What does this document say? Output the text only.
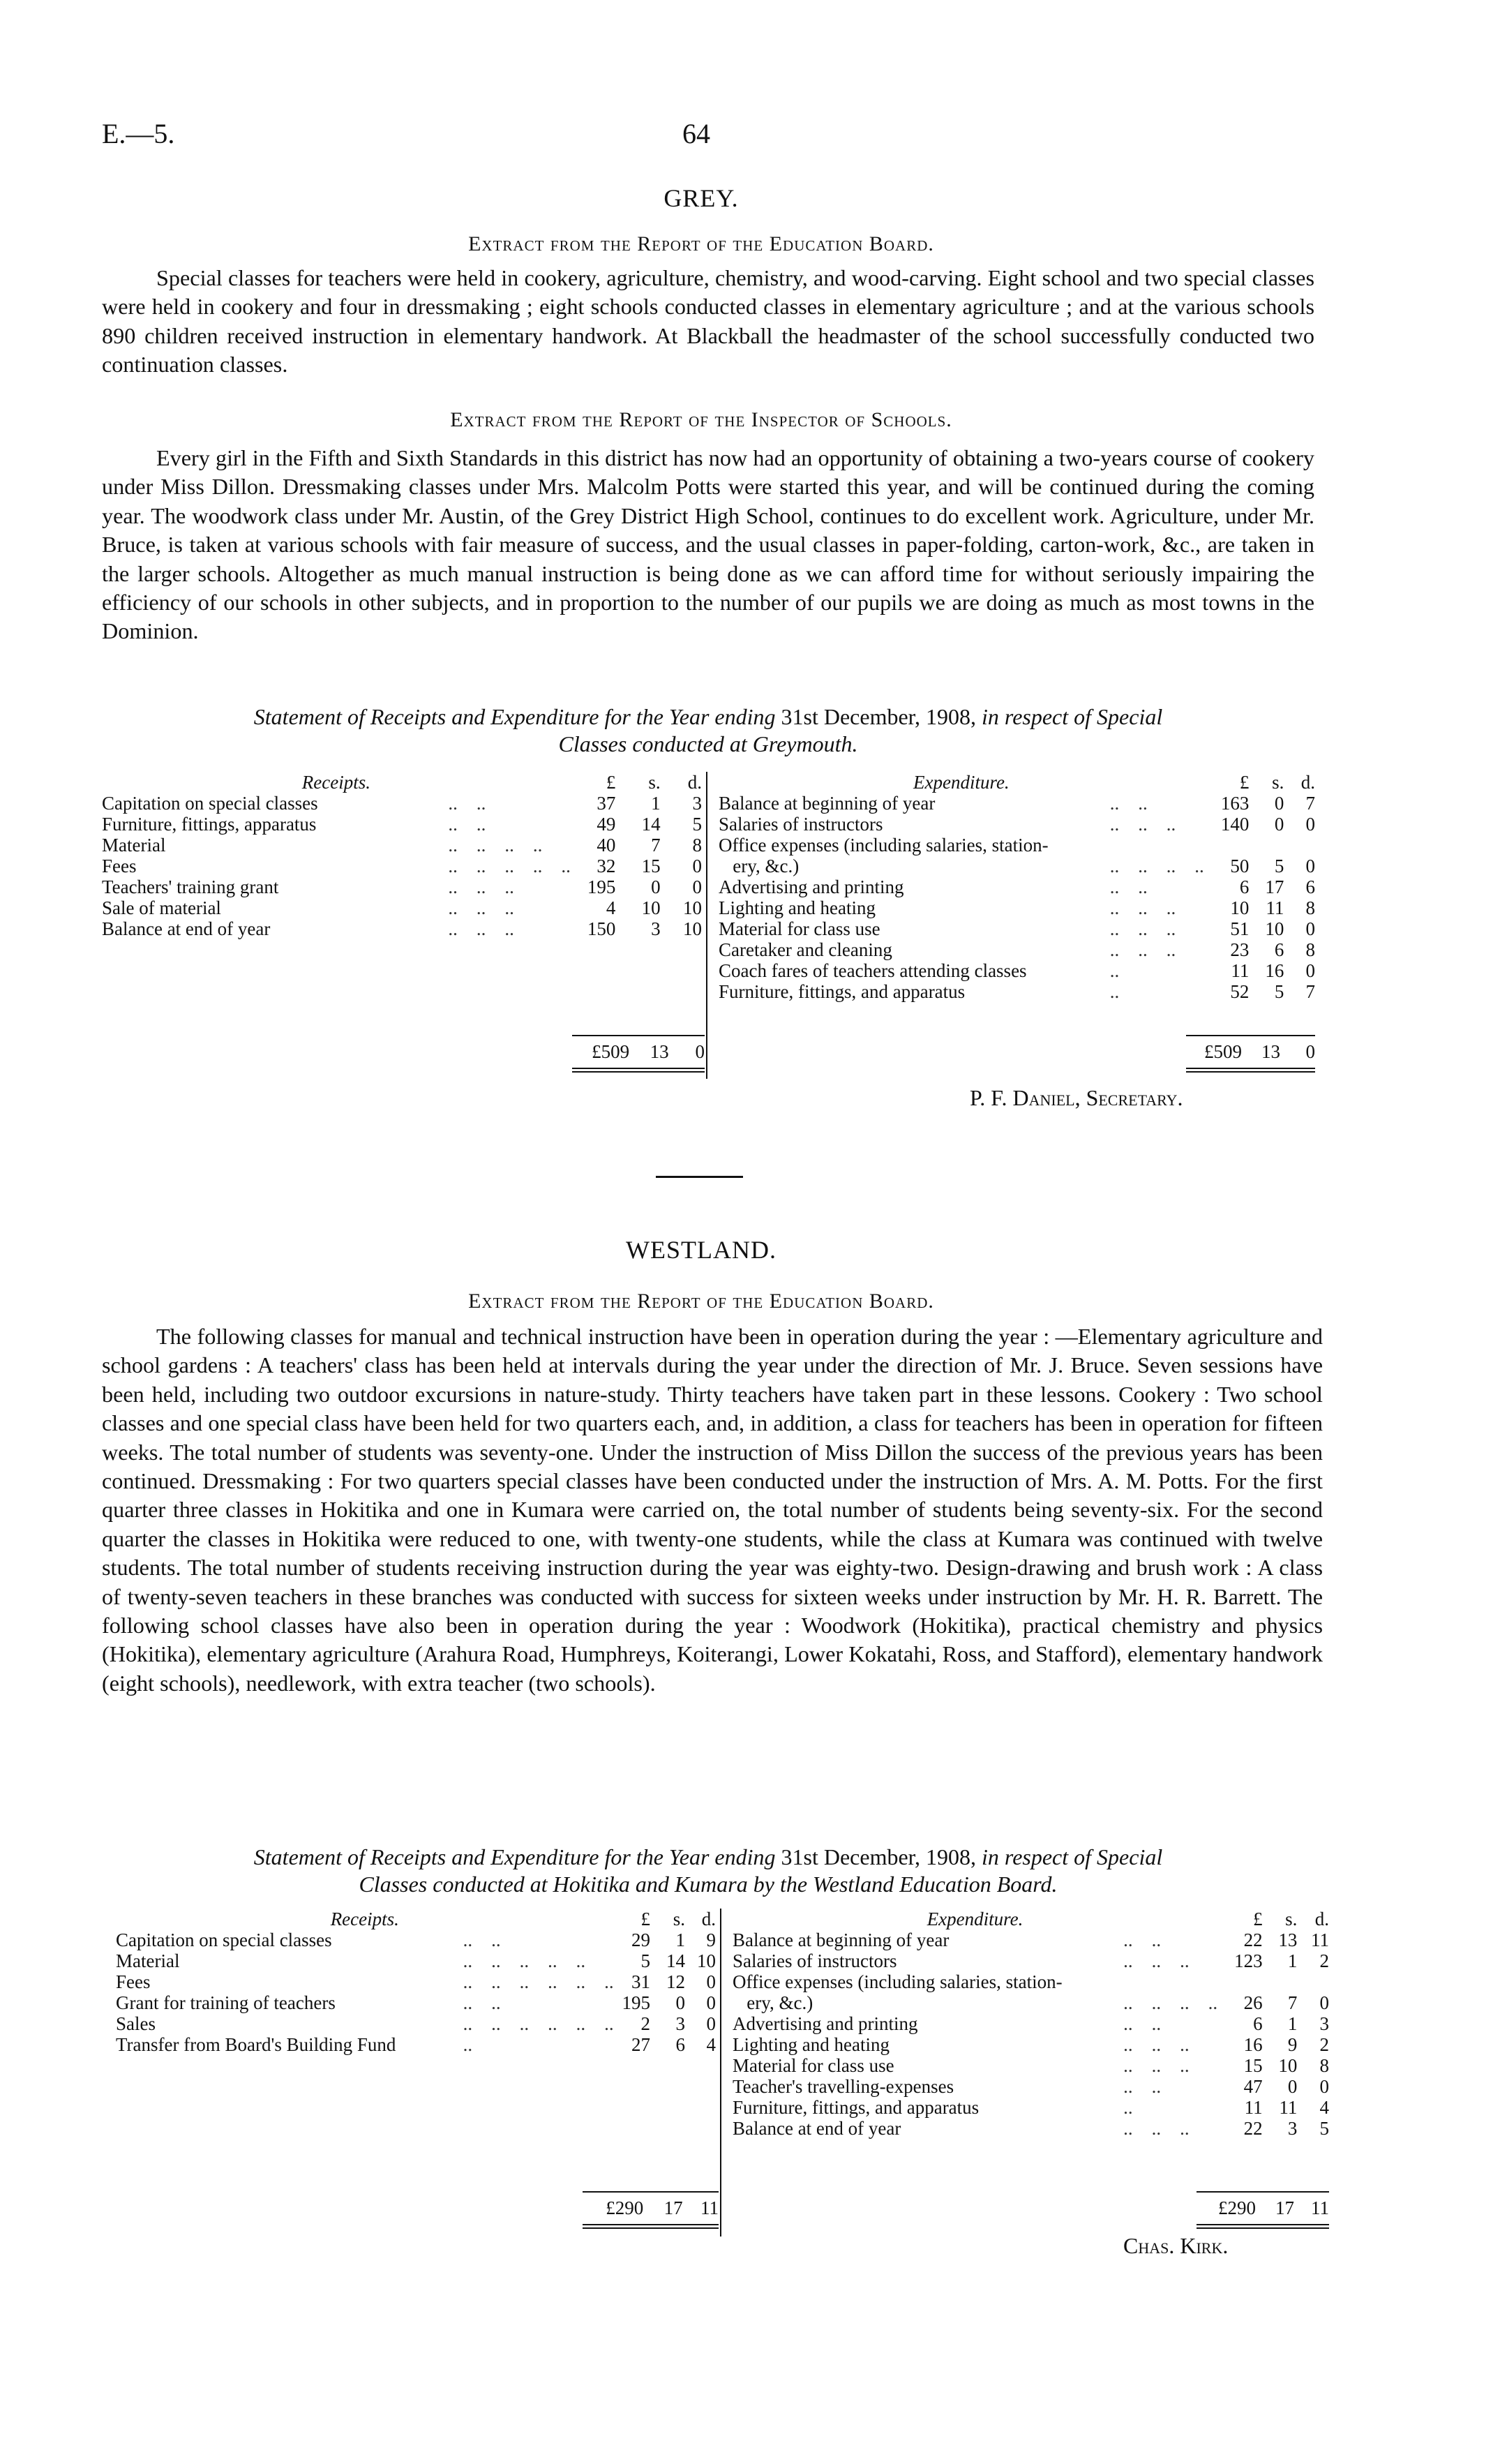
E.—5.	64
GREY.
Extract from the Report of the Education Board.

Special classes for teachers were held in cookery, agriculture, chemistry, and wood-carving. Eight school and two special classes were held in cookery and four in dressmaking ; eight schools conducted classes in elementary agriculture ; and at the various schools 890 children received instruction in elementary handwork. At Blackball the headmaster of the school successfully conducted two continuation classes.

Extract from the Report of the Inspector of Schools.

Every girl in the Fifth and Sixth Standards in this district has now had an opportunity of obtaining a two-years course of cookery under Miss Dillon. Dressmaking classes under Mrs. Malcolm Potts were started this year, and will be continued during the coming year. The woodwork class under Mr. Austin, of the Grey District High School, continues to do excellent work. Agriculture, under Mr. Bruce, is taken at various schools with fair measure of success, and the usual classes in paper-folding, carton-work, &c., are taken in the larger schools. Altogether as much manual instruction is being done as we can afford time for without seriously impairing the efficiency of our schools in other subjects, and in proportion to the number of our pupils we are doing as much as most towns in the Dominion.

Statement of Receipts and Expenditure for the Year ending 31st December, 1908, in respect of Special
Classes conducted at Greymouth.
Receipts.		£	s.	d.
Capitation on special classes	..    ..	37	1	3
Furniture, fittings, apparatus	..    ..	49	14	5
Material	..    ..    ..    ..	40	7	8
Fees	..    ..    ..    ..    ..	32	15	0
Teachers' training grant	..    ..    ..	195	0	0
Sale of material	..    ..    ..	4	10	10
Balance at end of year	..    ..    ..	150	3	10
Expenditure.		£	s.	d.
Balance at beginning of year	..    ..	163	0	7
Salaries of instructors	..    ..    ..	140	0	0
Office expenses (including salaries, station-				
ery, &c.)	..    ..    ..    ..	50	5	0
Advertising and printing	..    ..	6	17	6
Lighting and heating	..    ..    ..	10	11	8
Material for class use	..    ..    ..	51	10	0
Caretaker and cleaning	..    ..    ..	23	6	8
Coach fares of teachers attending classes	..	11	16	0
Furniture, fittings, and apparatus	..	52	5	7
£509	13	0	£509	13	0
P. F. Daniel, Secretary.
WESTLAND.
Extract from the Report of the Education Board.

The following classes for manual and technical instruction have been in operation during the year : —Elementary agriculture and school gardens : A teachers' class has been held at intervals during the year under the direction of Mr. J. Bruce. Seven sessions have been held, including two outdoor excursions in nature-study. Thirty teachers have taken part in these lessons. Cookery : Two school classes and one special class have been held for two quarters each, and, in addition, a class for teachers has been in operation for fifteen weeks. The total number of students was seventy-one. Under the instruction of Miss Dillon the success of the previous years has been continued. Dressmaking : For two quarters special classes have been conducted under the instruction of Mrs. A. M. Potts. For the first quarter three classes in Hokitika and one in Kumara were carried on, the total number of students being seventy-six. For the second quarter the classes in Hokitika were reduced to one, with twenty-one students, while the class at Kumara was continued with twelve students. The total number of students receiving instruction during the year was eighty-two. Design-drawing and brush work : A class of twenty-seven teachers in these branches was conducted with success for sixteen weeks under instruction by Mr. H. R. Barrett. The following school classes have also been in operation during the year : Woodwork (Hokitika), practical chemistry and physics (Hokitika), elementary agriculture (Arahura Road, Humphreys, Koiterangi, Lower Kokatahi, Ross, and Stafford), elementary handwork (eight schools), needlework, with extra teacher (two schools).

Statement of Receipts and Expenditure for the Year ending 31st December, 1908, in respect of Special
Classes conducted at Hokitika and Kumara by the Westland Education Board.
Receipts.		£	s.	d.
Capitation on special classes	..    ..	29	1	9
Material	..    ..    ..    ..    ..	5	14	10
Fees	..    ..    ..    ..    ..    ..	31	12	0
Grant for training of teachers	..    ..	195	0	0
Sales	..    ..    ..    ..    ..    ..	2	3	0
Transfer from Board's Building Fund	..	27	6	4
Expenditure.		£	s.	d.
Balance at beginning of year	..    ..	22	13	11
Salaries of instructors	..    ..    ..	123	1	2
Office expenses (including salaries, station-				
ery, &c.)	..    ..    ..    ..	26	7	0
Advertising and printing	..    ..	6	1	3
Lighting and heating	..    ..    ..	16	9	2
Material for class use	..    ..    ..	15	10	8
Teacher's travelling-expenses	..    ..	47	0	0
Furniture, fittings, and apparatus	..	11	11	4
Balance at end of year	..    ..    ..	22	3	5
£290	17	11	£290	17	11
Chas. Kirk.
